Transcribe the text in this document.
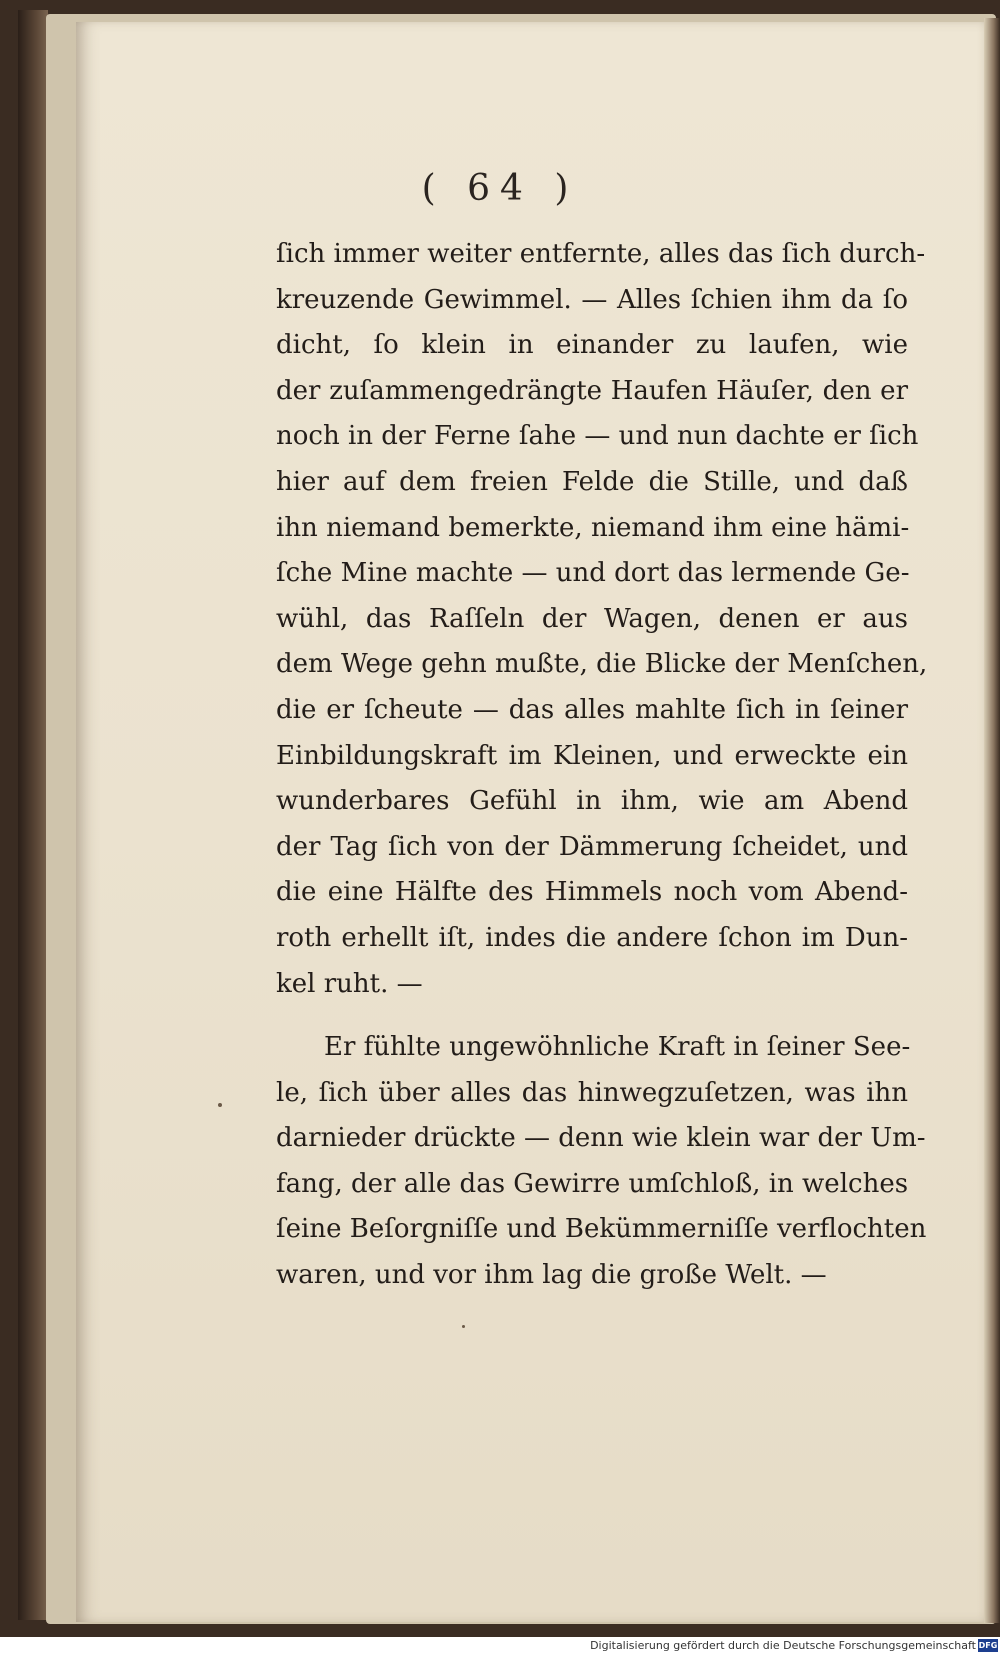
( 64 )
ſich immer weiter entfernte, alles das ſich durch-
kreuzende Gewimmel. — Alles ſchien ihm da ſo
dicht, ſo klein in einander zu laufen, wie
der zuſammengedrängte Haufen Häuſer, den er
noch in der Ferne ſahe — und nun dachte er ſich
hier auf dem freien Felde die Stille, und daß
ihn niemand bemerkte, niemand ihm eine hämi-
ſche Mine machte — und dort das lermende Ge-
wühl, das Raſſeln der Wagen, denen er aus
dem Wege gehn mußte, die Blicke der Menſchen,
die er ſcheute — das alles mahlte ſich in ſeiner
Einbildungskraft im Kleinen, und erweckte ein
wunderbares Gefühl in ihm, wie am Abend
der Tag ſich von der Dämmerung ſcheidet, und
die eine Hälfte des Himmels noch vom Abend-
roth erhellt iſt, indes die andere ſchon im Dun-
kel ruht. —
Er fühlte ungewöhnliche Kraft in ſeiner See-
le, ſich über alles das hinwegzuſetzen, was ihn
darnieder drückte — denn wie klein war der Um-
fang, der alle das Gewirre umſchloß, in welches
ſeine Beſorgniſſe und Bekümmerniſſe verflochten
waren, und vor ihm lag die große Welt. —
Digitalisierung gefördert durch die Deutsche Forschungsgemeinschaft DFG
